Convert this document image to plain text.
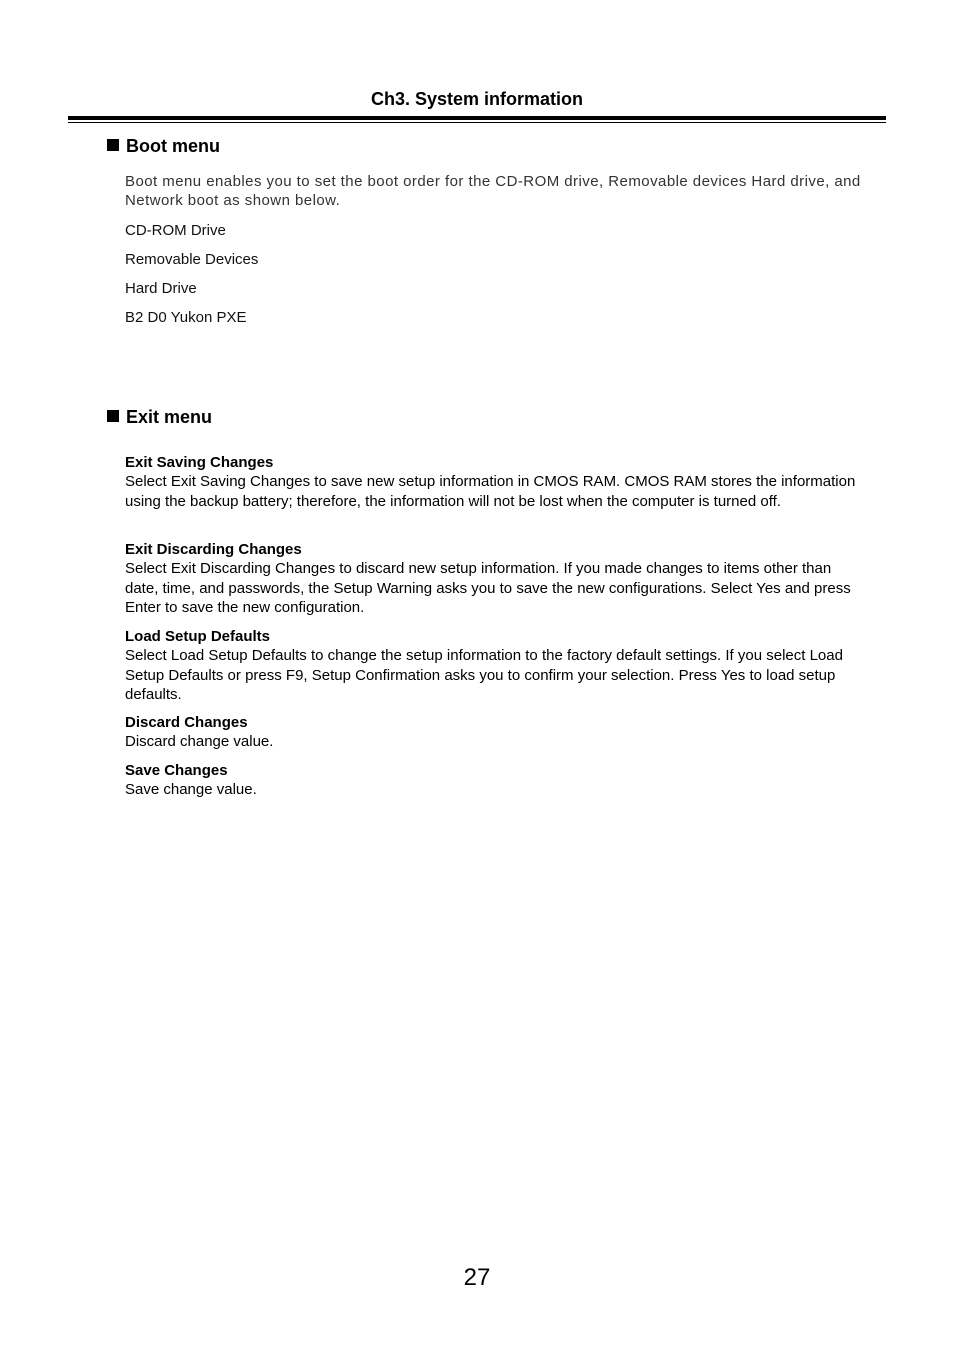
Ch3. System information
Boot menu
Boot menu enables you to set the boot order for the CD-ROM drive, Removable devices Hard drive, and Network boot as shown below.
CD-ROM Drive
Removable Devices
Hard Drive
B2 D0 Yukon PXE
Exit menu

Exit Saving Changes

Select Exit Saving Changes to save new setup information in CMOS RAM. CMOS RAM stores the information using the backup battery; therefore, the information will not be lost when the computer is turned off.

Exit Discarding Changes

Select Exit Discarding Changes to discard new setup information. If you made changes to items other than date, time, and passwords, the Setup Warning asks you to save the new configurations. Select Yes and press Enter to save the new configuration.

Load Setup Defaults

Select Load Setup Defaults to change the setup information to the factory default settings. If you select Load Setup Defaults or press F9, Setup Confirmation asks you to confirm your selection. Press Yes to load setup defaults.

Discard Changes

Discard change value.

Save Changes

Save change value.

27
